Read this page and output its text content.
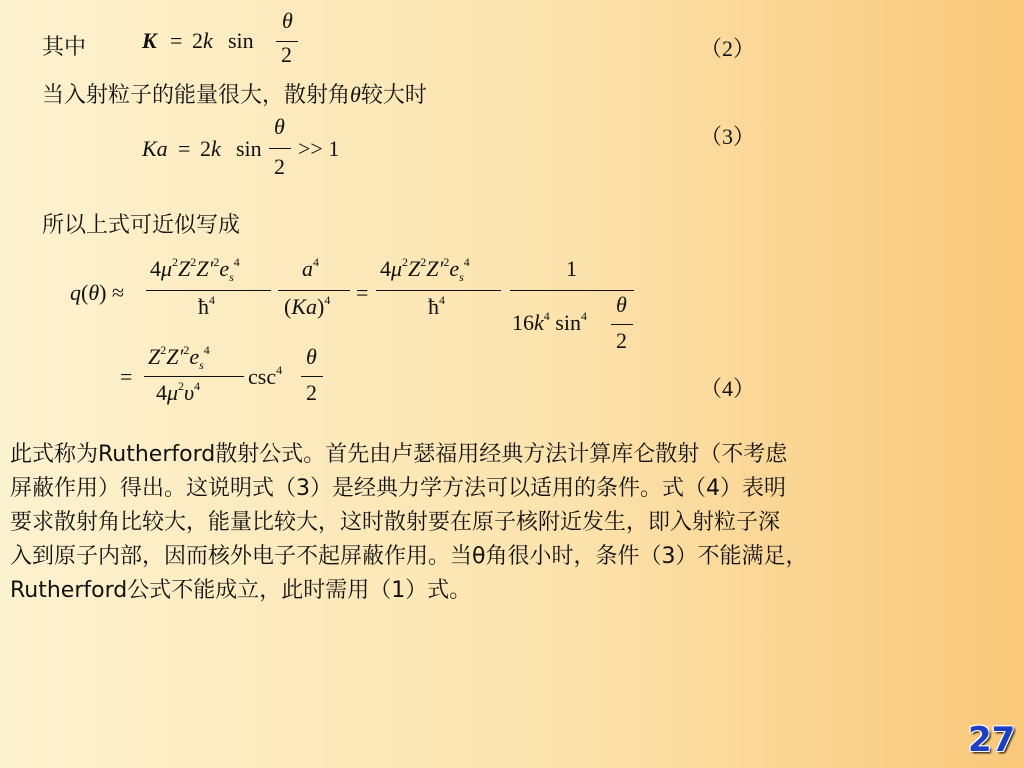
其中	K = 2k sin
θ
2	（2）
当入射粒子的能量很大，散射角θ较大时
Ka = 2k sin
θ
2
>> 1	（3）
所以上式可近似写成
q(θ) ≈
$4\mu^2Z^2Z'^2e_s^4$
$ħ^4$
$a^4$
$(Ka)^4$ =
$4\mu^2Z^2Z'^2e_s^4$
$ħ^4$
1
$16k^4$ $\sin^4 \theta$
2
=
$Z^2Z'^2e_s^4$
$4\mu^2\upsilon^4$ $\csc^4$
θ
2	（4）
此式称为Rutherford散射公式。首先由卢瑟福用经典方法计算库仑散射（不考虑
屏蔽作用）得出。这说明式（3）是经典力学方法可以适用的条件。式（4）表明
要求散射角比较大，能量比较大，这时散射要在原子核附近发生，即入射粒子深
入到原子内部，因而核外电子不起屏蔽作用。当θ角很小时，条件（3）不能满足，
Rutherford公式不能成立，此时需用（1）式。
27
